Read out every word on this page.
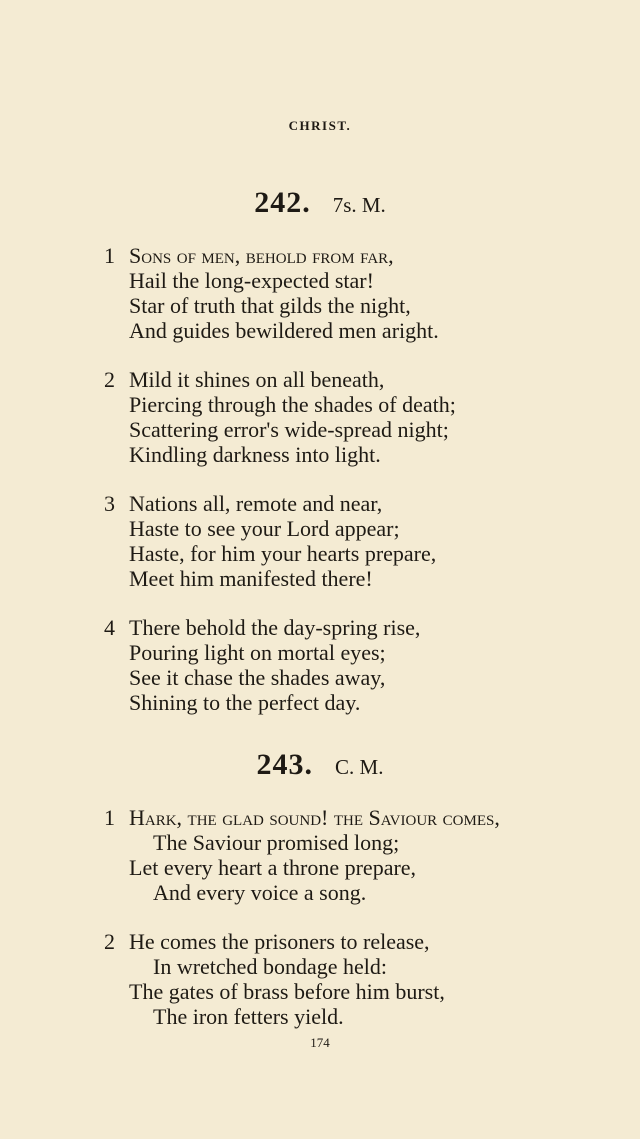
CHRIST.
242. 7s. M.
1 Sons of men, behold from far,
Hail the long-expected star!
Star of truth that gilds the night,
And guides bewildered men aright.
2 Mild it shines on all beneath,
Piercing through the shades of death;
Scattering error's wide-spread night;
Kindling darkness into light.
3 Nations all, remote and near,
Haste to see your Lord appear;
Haste, for him your hearts prepare,
Meet him manifested there!
4 There behold the day-spring rise,
Pouring light on mortal eyes;
See it chase the shades away,
Shining to the perfect day.
243. C. M.
1 Hark, the glad sound! the Saviour comes,
The Saviour promised long;
Let every heart a throne prepare,
And every voice a song.
2 He comes the prisoners to release,
In wretched bondage held:
The gates of brass before him burst,
The iron fetters yield.
174
